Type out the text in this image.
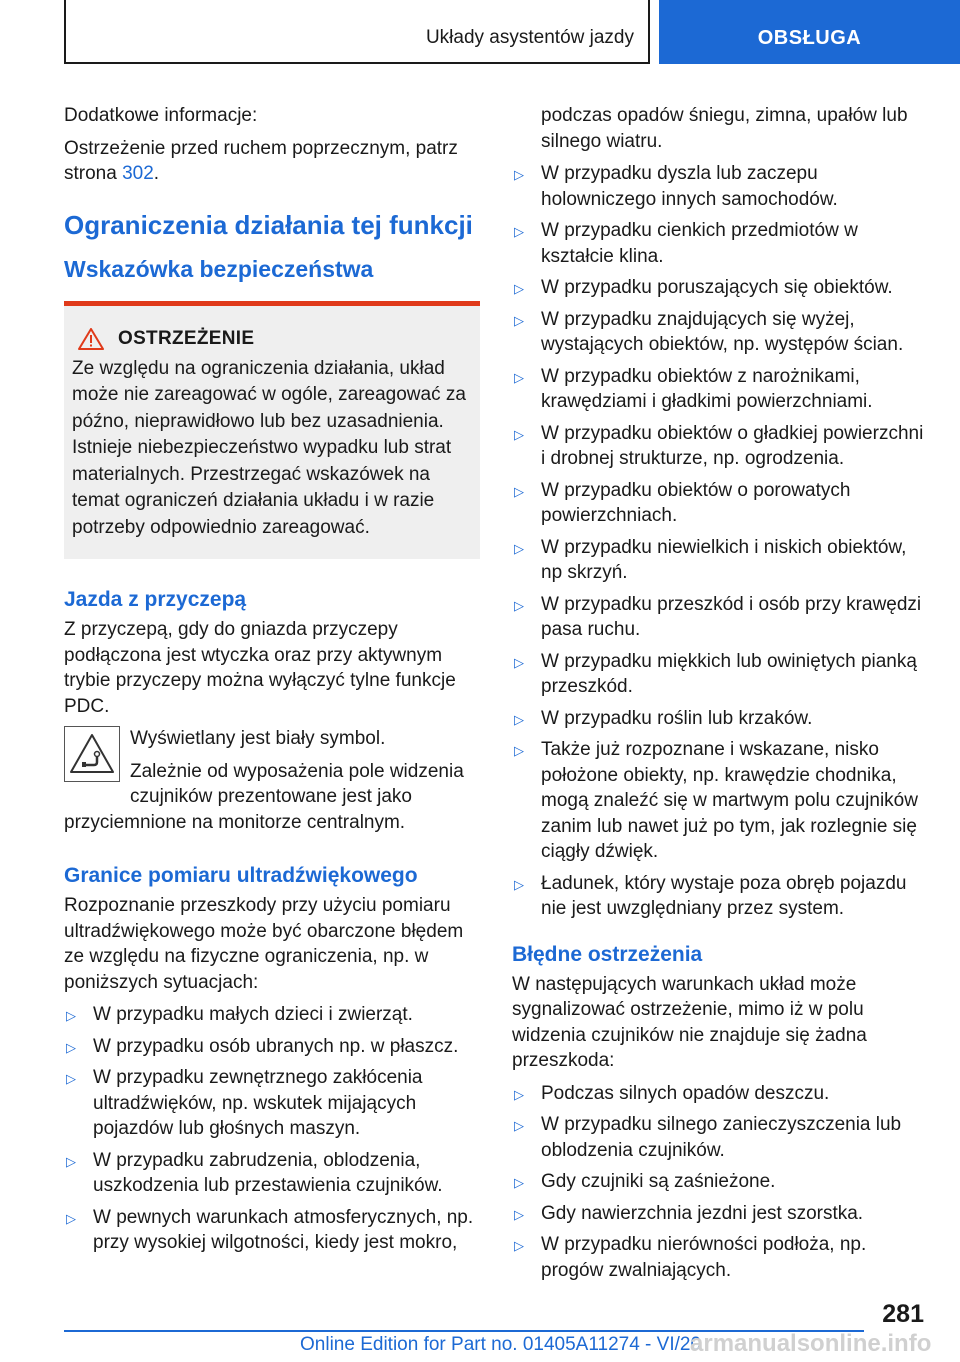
Układy asystentów jazdy	OBSŁUGA

Dodatkowe informacje:

Ostrzeżenie przed ruchem poprzecznym, patrz strona 302.

Ograniczenia działania tej funkcji
Wskazówka bezpieczeństwa
OSTRZEŻENIE

Ze względu na ograniczenia działania, układ może nie zareagować w ogóle, zareagować za późno, nieprawidłowo lub bez uzasadnienia. Istnieje niebezpieczeństwo wypadku lub strat materialnych. Przestrzegać wskazówek na temat ograniczeń działania układu i w razie potrzeby odpowiednio zareagować.

Jazda z przyczepą

Z przyczepą, gdy do gniazda przyczepy podłączona jest wtyczka oraz przy aktywnym trybie przyczepy można wyłączyć tylne funkcje PDC.

Wyświetlany jest biały symbol.

Zależnie od wyposażenia pole widzenia czujników prezentowane jest jako przyciemnione na monitorze centralnym.

Granice pomiaru ultradźwiękowego

Rozpoznanie przeszkody przy użyciu pomiaru ultradźwiękowego może być obarczone błędem ze względu na fizyczne ograniczenia, np. w poniższych sytuacjach:

▷ W przypadku małych dzieci i zwierząt.
▷ W przypadku osób ubranych np. w płaszcz.
▷ W przypadku zewnętrznego zakłócenia ultradźwięków, np. wskutek mijających pojazdów lub głośnych maszyn.
▷ W przypadku zabrudzenia, oblodzenia, uszkodzenia lub przestawienia czujników.
▷ W pewnych warunkach atmosferycznych, np. przy wysokiej wilgotności, kiedy jest mokro,

podczas opadów śniegu, zimna, upałów lub silnego wiatru.

▷ W przypadku dyszla lub zaczepu holowniczego innych samochodów.
▷ W przypadku cienkich przedmiotów w kształcie klina.
▷ W przypadku poruszających się obiektów.
▷ W przypadku znajdujących się wyżej, wystających obiektów, np. występów ścian.
▷ W przypadku obiektów z narożnikami, krawędziami i gładkimi powierzchniami.
▷ W przypadku obiektów o gładkiej powierzchni i drobnej strukturze, np. ogrodzenia.
▷ W przypadku obiektów o porowatych powierzchniach.
▷ W przypadku niewielkich i niskich obiektów, np skrzyń.
▷ W przypadku przeszkód i osób przy krawędzi pasa ruchu.
▷ W przypadku miękkich lub owiniętych pianką przeszkód.
▷ W przypadku roślin lub krzaków.
▷ Także już rozpoznane i wskazane, nisko położone obiekty, np. krawędzie chodnika, mogą znaleźć się w martwym polu czujników zanim lub nawet już po tym, jak rozlegnie się ciągły dźwięk.
▷ Ładunek, który wystaje poza obręb pojazdu nie jest uwzględniany przez system.
Błędne ostrzeżenia

W następujących warunkach układ może sygnalizować ostrzeżenie, mimo iż w polu widzenia czujników nie znajduje się żadna przeszkoda:

▷ Podczas silnych opadów deszczu.
▷ W przypadku silnego zanieczyszczenia lub oblodzenia czujników.
▷ Gdy czujniki są zaśnieżone.
▷ Gdy nawierzchnia jezdni jest szorstka.
▷ W przypadku nierówności podłoża, np. progów zwalniających.
281
Online Edition for Part no. 01405A11274 - VI/20
armanualsonline.info
